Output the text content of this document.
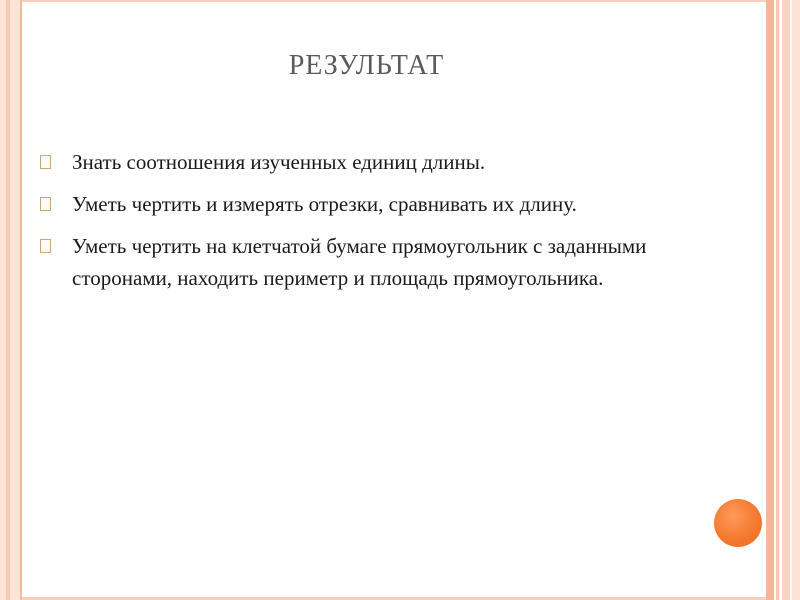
РЕЗУЛЬТАТ
Знать соотношения изученных единиц длины.
Уметь чертить и измерять отрезки, сравнивать их длину.
Уметь чертить на клетчатой бумаге прямоугольник с заданными сторонами, находить периметр и площадь прямоугольника.
